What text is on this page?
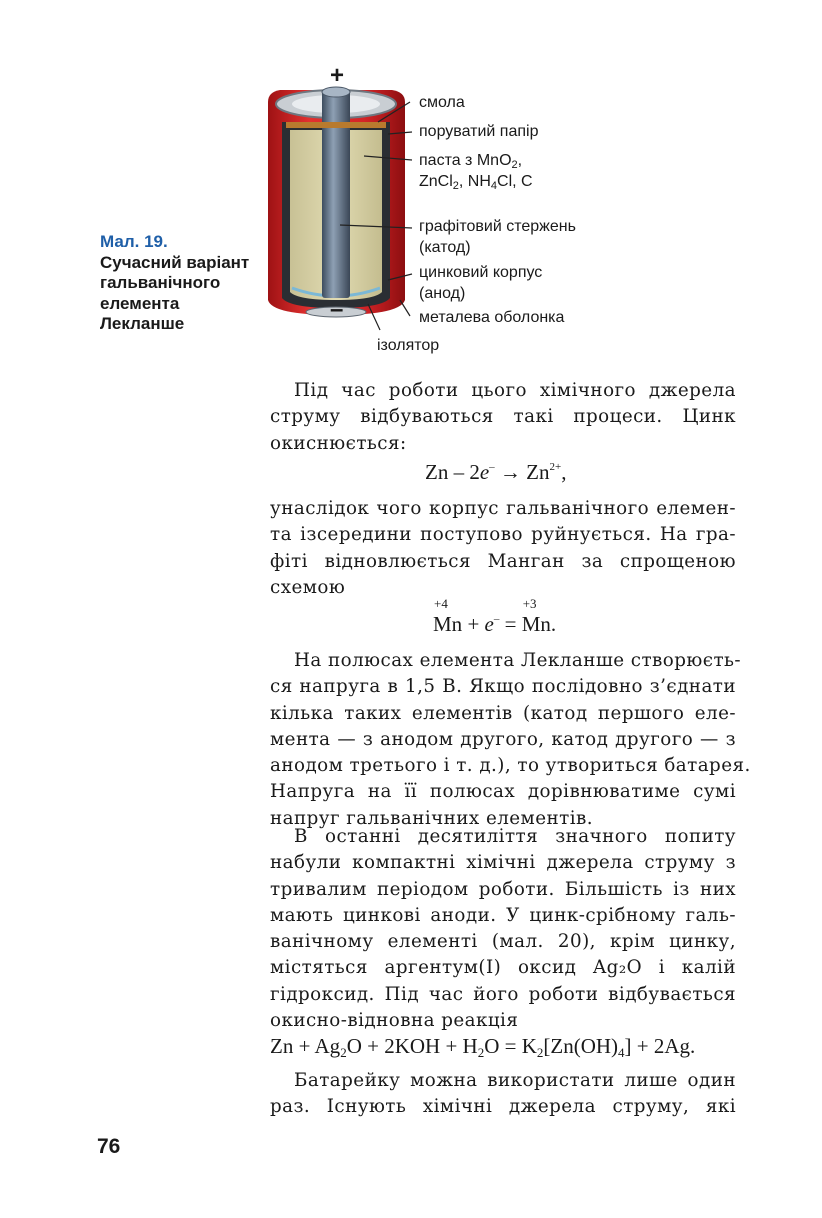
Мал. 19.
Сучасний варіант гальванічного елемента Лекланше
+
–
смола
поруватий папір
паста з MnO$_2$,
ZnCl$_2$, $NH_4Cl$, C
графітовий стержень
(катод)
цинковий корпус
(анод)
металева оболонка
ізолятор
Під час роботи цього хімічного джерела
струму відбуваються такі процеси. Цинк
окиснюється:
$Zn - 2e^- \to Zn^{2+}$,
унаслідок чого корпус гальванічного елемен-
та ізсередини поступово руйнується. На гра-
фіті відновлюється Манган за спрощеною
схемою
+4
Mn + e– =
+3
Mn.
На полюсах елемента Лекланше створюєть-
ся напруга в 1,5 В. Якщо послідовно з’єднати
кілька таких елементів (катод першого еле-
мента — з анодом другого, катод другого — з
анодом третього і т. д.), то утвориться батарея.
Напруга на її полюсах дорівнюватиме сумі
напруг гальванічних елементів.
В останні десятиліття значного попиту
набули компактні хімічні джерела струму з
тривалим періодом роботи. Більшість із них
мають цинкові аноди. У цинк-срібному галь-
ванічному елементі (мал. 20), крім цинку,
містяться аргентум(I) оксид Ag₂O і калій
гідроксид. Під час його роботи відбувається
окисно-відновна реакція
$Zn + Ag_2O + 2KOH + H_2O = K_2[Zn(OH)_4] + 2Ag$.
Батарейку можна використати лише один
раз. Існують хімічні джерела струму, які
76
